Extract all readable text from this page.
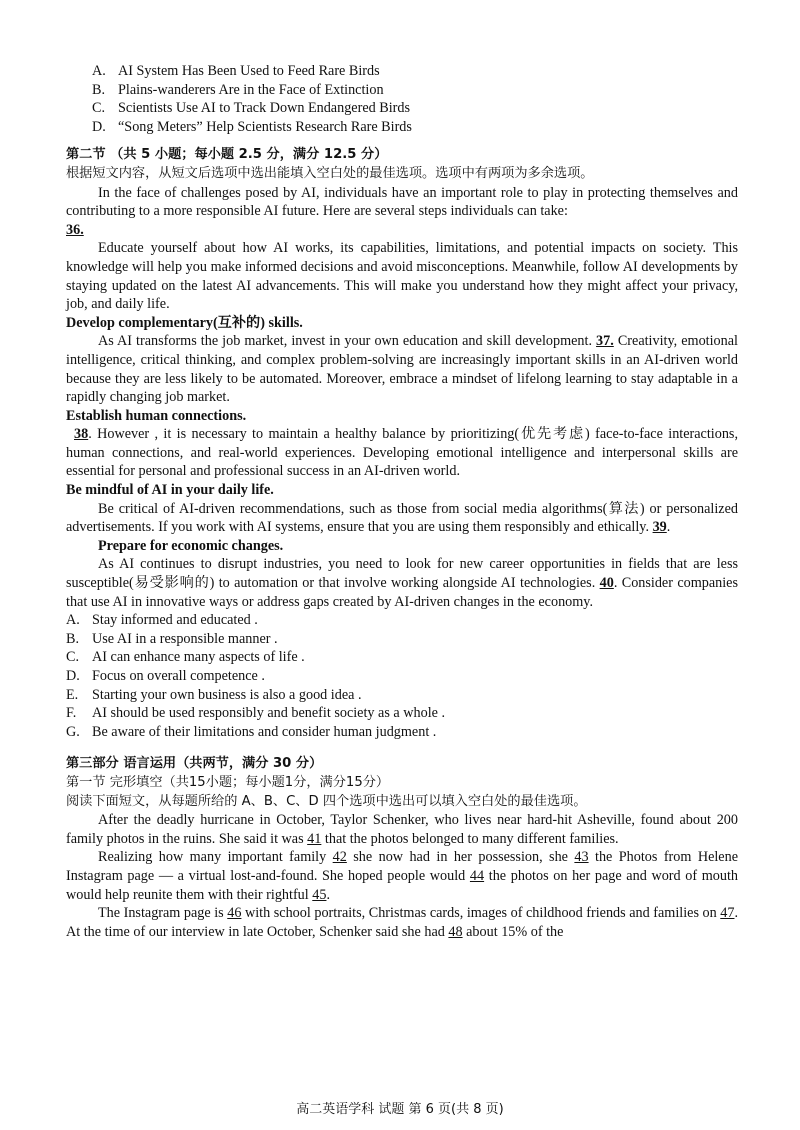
A. AI System Has Been Used to Feed Rare Birds
B. Plains-wanderers Are in the Face of Extinction
C. Scientists Use AI to Track Down Endangered Birds
D. “Song Meters” Help Scientists Research Rare Birds
第二节 （共 5 小题；每小题 2.5 分，满分 12.5 分）
根据短文内容，从短文后选项中选出能填入空白处的最佳选项。选项中有两项为多余选项。
In the face of challenges posed by AI, individuals have an important role to play in protecting themselves and contributing to a more responsible AI future. Here are several steps individuals can take:
36.
Educate yourself about how AI works, its capabilities, limitations, and potential impacts on society. This knowledge will help you make informed decisions and avoid misconceptions. Meanwhile, follow AI developments by staying updated on the latest AI advancements. This will make you understand how they might affect your privacy, job, and daily life.
Develop complementary(互补的) skills.
As AI transforms the job market, invest in your own education and skill development. 37. Creativity, emotional intelligence, critical thinking, and complex problem-solving are increasingly important skills in an AI-driven world because they are less likely to be automated. Moreover, embrace a mindset of lifelong learning to stay adaptable in a rapidly changing job market.
Establish human connections.
38. However , it is necessary to maintain a healthy balance by prioritizing(优先考虑) face-to-face interactions, human connections, and real-world experiences. Developing emotional intelligence and interpersonal skills are essential for personal and professional success in an AI-driven world.
Be mindful of AI in your daily life.
Be critical of AI-driven recommendations, such as those from social media algorithms(算法) or personalized advertisements. If you work with AI systems, ensure that you are using them responsibly and ethically. 39.
Prepare for economic changes.
As AI continues to disrupt industries, you need to look for new career opportunities in fields that are less susceptible(易受影响的) to automation or that involve working alongside AI technologies. 40. Consider companies that use AI in innovative ways or address gaps created by AI-driven changes in the economy.
A. Stay informed and educated .
B. Use AI in a responsible manner .
C. AI can enhance many aspects of life .
D. Focus on overall competence .
E. Starting your own business is also a good idea .
F. AI should be used responsibly and benefit society as a whole .
G. Be aware of their limitations and consider human judgment .
第三部分 语言运用（共两节，满分 30 分）
第一节 完形填空（共15小题；每小题1分，满分15分）
阅读下面短文，从每题所给的 A、B、C、D 四个选项中选出可以填入空白处的最佳选项。
After the deadly hurricane in October, Taylor Schenker, who lives near hard-hit Asheville, found about 200 family photos in the ruins. She said it was 41 that the photos belonged to many different families.
Realizing how many important family 42 she now had in her possession, she 43 the Photos from Helene Instagram page — a virtual lost-and-found. She hoped people would 44 the photos on her page and word of mouth would help reunite them with their rightful 45.
The Instagram page is 46 with school portraits, Christmas cards, images of childhood friends and families on 47. At the time of our interview in late October, Schenker said she had 48 about 15% of the
高二英语学科 试题 第 6 页(共 8 页)
